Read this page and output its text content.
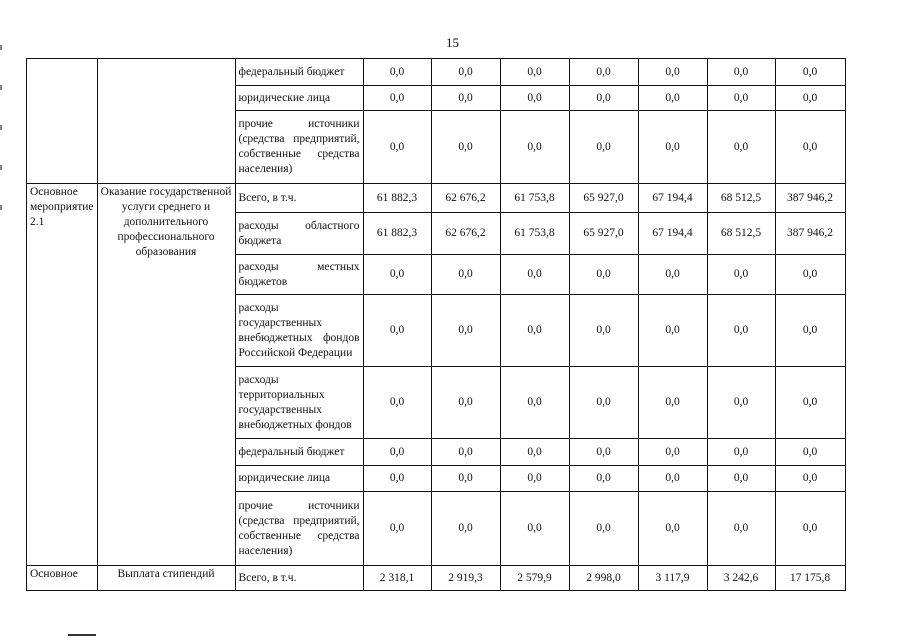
15
		федеральный бюджет	0,0	0,0	0,0	0,0	0,0	0,0	0,0
		юридические лица	0,0	0,0	0,0	0,0	0,0	0,0	0,0
		прочие источники (средства предприятий, собственные средства населения)	0,0	0,0	0,0	0,0	0,0	0,0	0,0
Основное мероприятие 2.1	Оказание государственной услуги среднего и дополнительного профессионального образования	Всего, в т.ч.	61 882,3	62 676,2	61 753,8	65 927,0	67 194,4	68 512,5	387 946,2
		расходы областного бюджета	61 882,3	62 676,2	61 753,8	65 927,0	67 194,4	68 512,5	387 946,2
		расходы местных бюджетов	0,0	0,0	0,0	0,0	0,0	0,0	0,0
		расходы государственных внебюджетных фондов Российской Федерации	0,0	0,0	0,0	0,0	0,0	0,0	0,0
		расходы территориальных государственных внебюджетных фондов	0,0	0,0	0,0	0,0	0,0	0,0	0,0
		федеральный бюджет	0,0	0,0	0,0	0,0	0,0	0,0	0,0
		юридические лица	0,0	0,0	0,0	0,0	0,0	0,0	0,0
		прочие источники (средства предприятий, собственные средства населения)	0,0	0,0	0,0	0,0	0,0	0,0	0,0
Основное	Выплата стипендий	Всего, в т.ч.	2 318,1	2 919,3	2 579,9	2 998,0	3 117,9	3 242,6	17 175,8
